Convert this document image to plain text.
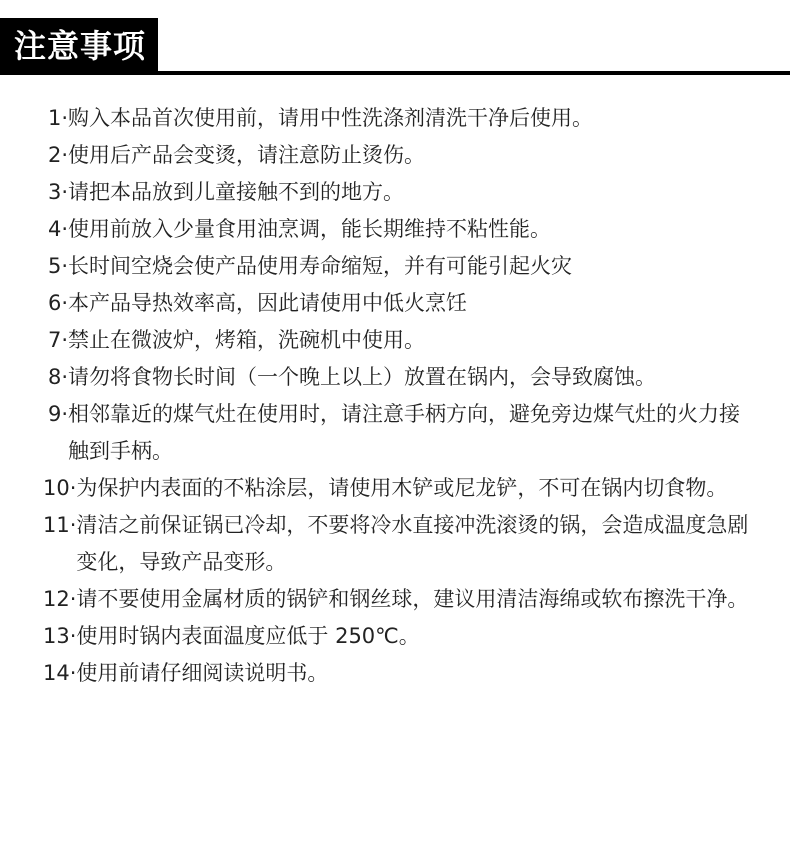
注意事项
1· 购入本品首次使用前，请用中性洗涤剂清洗干净后使用。
2· 使用后产品会变烫，请注意防止烫伤。
3· 请把本品放到儿童接触不到的地方。
4· 使用前放入少量食用油烹调，能长期维持不粘性能。
5· 长时间空烧会使产品使用寿命缩短，并有可能引起火灾
6· 本产品导热效率高，因此请使用中低火烹饪
7· 禁止在微波炉，烤箱，洗碗机中使用。
8· 请勿将食物长时间（一个晚上以上）放置在锅内，会导致腐蚀。
9· 相邻靠近的煤气灶在使用时，请注意手柄方向，避免旁边煤气灶的火力接触到手柄。
10· 为保护内表面的不粘涂层，请使用木铲或尼龙铲，不可在锅内切食物。
11· 清洁之前保证锅已冷却，不要将冷水直接冲洗滚烫的锅，会造成温度急剧变化，导致产品变形。
12· 请不要使用金属材质的锅铲和钢丝球，建议用清洁海绵或软布擦洗干净。
13· 使用时锅内表面温度应低于 250℃。
14· 使用前请仔细阅读说明书。
